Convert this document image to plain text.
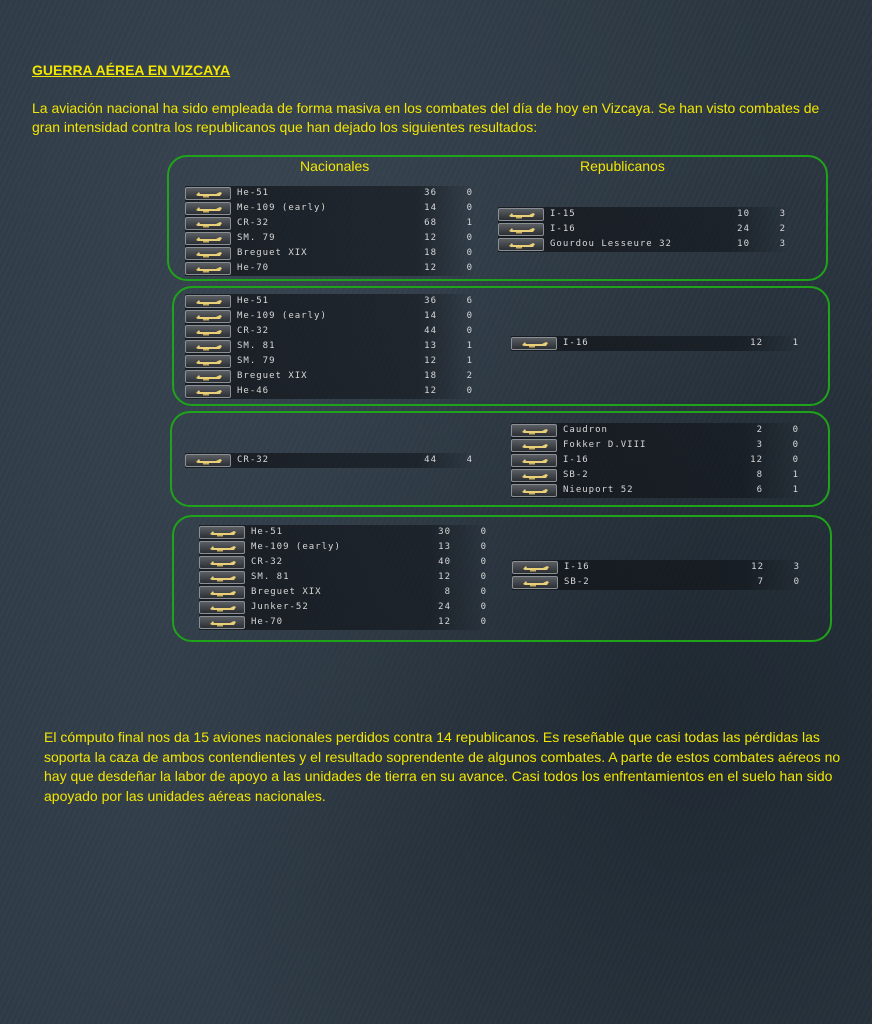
GUERRA AÉREA EN VIZCAYA

La aviación nacional ha sido empleada de forma masiva en los combates del día de hoy en Vizcaya. Se han visto combates de gran intensidad contra los republicanos que han dejado los siguientes resultados:

Nacionales	Republicanos
He-51	36	0
Me-109 (early)	14	0
CR-32	68	1
SM. 79	12	0
Breguet XIX	18	0
He-70	12	0
I-15	10	3
I-16	24	2
Gourdou Lesseure 32	10	3
He-51	36	6
Me-109 (early)	14	0
CR-32	44	0
SM. 81	13	1
SM. 79	12	1
Breguet XIX	18	2
He-46	12	0
I-16	12	1
CR-32	44	4
Caudron	2	0
Fokker D.VIII	3	0
I-16	12	0
SB-2	8	1
Nieuport 52	6	1
He-51	30	0
Me-109 (early)	13	0
CR-32	40	0
SM. 81	12	0
Breguet XIX	8	0
Junker-52	24	0
He-70	12	0
I-16	12	3
SB-2	7	0

El cómputo final nos da 15 aviones nacionales perdidos contra 14 republicanos. Es reseñable que casi todas las pérdidas las soporta la caza de ambos contendientes y el resultado soprendente de algunos combates. A parte de estos combates aéreos no hay que desdeñar la labor de apoyo a las unidades de tierra en su avance. Casi todos los enfrentamientos en el suelo han sido apoyado por las unidades aéreas nacionales.
